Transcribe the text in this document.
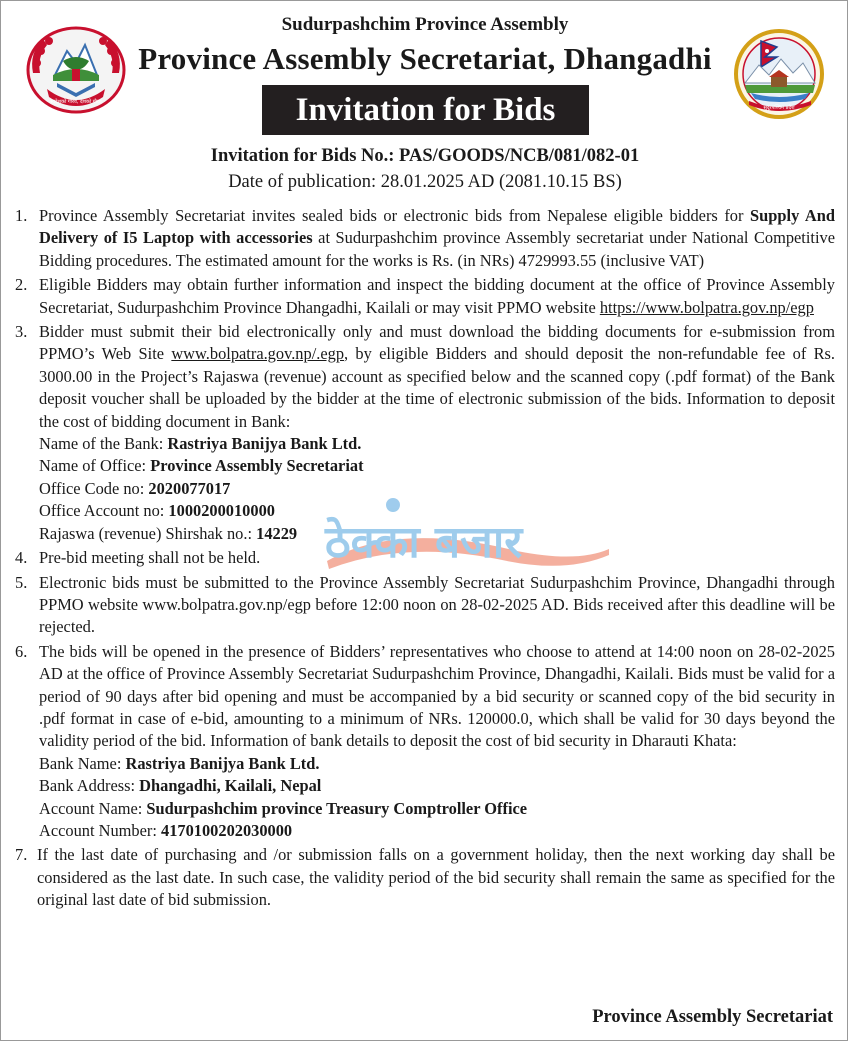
स्वदेशको गौरव, देशको गौरव
Sudurpashchim Province Assembly
Province Assembly Secretariat, Dhangadhi
Invitation for Bids	सुदूरपश्चिम प्रदेश
Invitation for Bids No.: PAS/GOODS/NCB/081/082-01
Date of publication: 28.01.2025 AD (2081.10.15 BS)
1. Province Assembly Secretariat invites sealed bids or electronic bids from Nepalese eligible bidders for Supply And Delivery of I5 Laptop with accessories at Sudurpashchim province Assembly secretariat under National Competitive Bidding procedures. The estimated amount for the works is Rs. (in NRs) 4729993.55 (inclusive VAT)
2. Eligible Bidders may obtain further information and inspect the bidding document at the office of Province Assembly Secretariat, Sudurpashchim Province Dhangadhi, Kailali or may visit PPMO website https://www.bolpatra.gov.np/egp
3. Bidder must submit their bid electronically only and must download the bidding documents for e-submission from PPMO’s Web Site www.bolpatra.gov.np/.egp, by eligible Bidders and should deposit the non-refundable fee of Rs. 3000.00 in the Project’s Rajaswa (revenue) account as specified below and the scanned copy (.pdf format) of the Bank deposit voucher shall be uploaded by the bidder at the time of electronic submission of the bids. Information to deposit the cost of bidding document in Bank:
Name of the Bank: Rastriya Banijya Bank Ltd.
Name of Office: Province Assembly Secretariat
Office Code no: 2020077017
Office Account no: 1000200010000
Rajaswa (revenue) Shirshak no.: 14229
4. Pre-bid meeting shall not be held.
5. Electronic bids must be submitted to the Province Assembly Secretariat Sudurpashchim Province, Dhangadhi through PPMO website www.bolpatra.gov.np/egp before 12:00 noon on 28-02-2025 AD. Bids received after this deadline will be rejected.
6. The bids will be opened in the presence of Bidders’ representatives who choose to attend at 14:00 noon on 28-02-2025 AD at the office of Province Assembly Secretariat Sudurpashchim Province, Dhangadhi, Kailali. Bids must be valid for a period of 90 days after bid opening and must be accompanied by a bid security or scanned copy of the bid security in .pdf format in case of e-bid, amounting to a minimum of NRs. 120000.0, which shall be valid for 30 days beyond the validity period of the bid. Information of bank details to deposit the cost of bid security in Dharauti Khata:
Bank Name: Rastriya Banijya Bank Ltd.
Bank Address: Dhangadhi, Kailali, Nepal
Account Name: Sudurpashchim province Treasury Comptroller Office
Account Number: 4170100202030000
7. If the last date of purchasing and /or submission falls on a government holiday, then the next working day shall be considered as the last date. In such case, the validity period of the bid security shall remain the same as specified for the original last date of bid submission.
ठेक्का बजार
Province Assembly Secretariat
